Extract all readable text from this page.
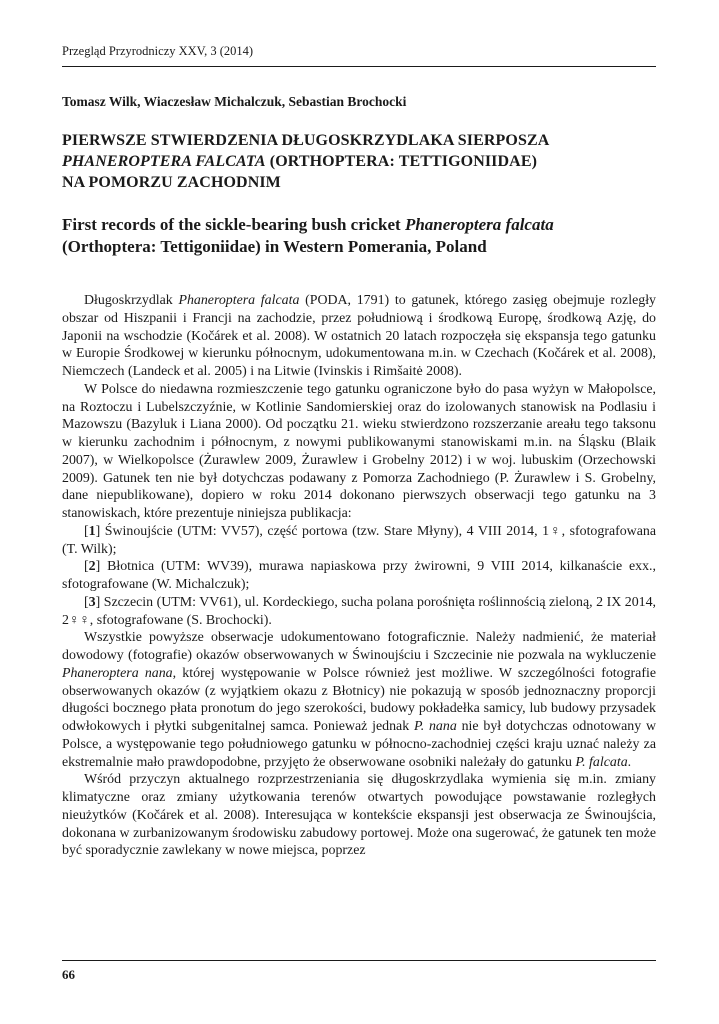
Przegląd Przyrodniczy XXV, 3 (2014)
Tomasz Wilk, Wiaczesław Michalczuk, Sebastian Brochocki
PIERWSZE STWIERDZENIA DŁUGOSKRZYDLAKA SIERPOSZA
PHANEROPTERA FALCATA (ORTHOPTERA: TETTIGONIIDAE)
NA POMORZU ZACHODNIM
First records of the sickle-bearing bush cricket Phaneroptera falcata
(Orthoptera: Tettigoniidae) in Western Pomerania, Poland

Długoskrzydlak Phaneroptera falcata (PODA, 1791) to gatunek, którego zasięg obejmuje rozległy obszar od Hiszpanii i Francji na zachodzie, przez południową i środkową Europę, środkową Azję, do Japonii na wschodzie (Kočárek et al. 2008). W ostatnich 20 latach rozpoczęła się ekspansja tego gatunku w Europie Środkowej w kierunku północnym, udokumentowana m.in. w Czechach (Kočárek et al. 2008), Niemczech (Landeck et al. 2005) i na Litwie (Ivinskis i Rimšaitė 2008).

W Polsce do niedawna rozmieszczenie tego gatunku ograniczone było do pasa wyżyn w Małopolsce, na Roztoczu i Lubelszczyźnie, w Kotlinie Sandomierskiej oraz do izolowanych stanowisk na Podlasiu i Mazowszu (Bazyluk i Liana 2000). Od początku 21. wieku stwierdzono rozszerzanie areału tego taksonu w kierunku zachodnim i północnym, z nowymi publikowanymi stanowiskami m.in. na Śląsku (Blaik 2007), w Wielkopolsce (Żurawlew 2009, Żurawlew i Grobelny 2012) i w woj. lubuskim (Orzechowski 2009). Gatunek ten nie był dotychczas podawany z Pomorza Zachodniego (P. Żurawlew i S. Grobelny, dane niepublikowane), dopiero w roku 2014 dokonano pierwszych obserwacji tego gatunku na 3 stanowiskach, które prezentuje niniejsza publikacja:

[1] Świnoujście (UTM: VV57), część portowa (tzw. Stare Młyny), 4 VIII 2014, 1♀, sfotografowana (T. Wilk);

[2] Błotnica (UTM: WV39), murawa napiaskowa przy żwirowni, 9 VIII 2014, kilkanaście exx., sfotografowane (W. Michalczuk);

[3] Szczecin (UTM: VV61), ul. Kordeckiego, sucha polana porośnięta roślinnością zieloną, 2 IX 2014, 2♀♀, sfotografowane (S. Brochocki).

Wszystkie powyższe obserwacje udokumentowano fotograficznie. Należy nadmienić, że materiał dowodowy (fotografie) okazów obserwowanych w Świnoujściu i Szczecinie nie pozwala na wykluczenie Phaneroptera nana, której występowanie w Polsce również jest możliwe. W szczególności fotografie obserwowanych okazów (z wyjątkiem okazu z Błotnicy) nie pokazują w sposób jednoznaczny proporcji długości bocznego płata pronotum do jego szerokości, budowy pokładełka samicy, lub budowy przysadek odwłokowych i płytki subgenitalnej samca. Ponieważ jednak P. nana nie był dotychczas odnotowany w Polsce, a występowanie tego południowego gatunku w północno-zachodniej części kraju uznać należy za ekstremalnie mało prawdopodobne, przyjęto że obserwowane osobniki należały do gatunku P. falcata.

Wśród przyczyn aktualnego rozprzestrzeniania się długoskrzydlaka wymienia się m.in. zmiany klimatyczne oraz zmiany użytkowania terenów otwartych powodujące powstawanie rozległych nieużytków (Kočárek et al. 2008). Interesująca w kontekście ekspansji jest obserwacja ze Świnoujścia, dokonana w zurbanizowanym środowisku zabudowy portowej. Może ona sugerować, że gatunek ten może być sporadycznie zawlekany w nowe miejsca, poprzez

66
